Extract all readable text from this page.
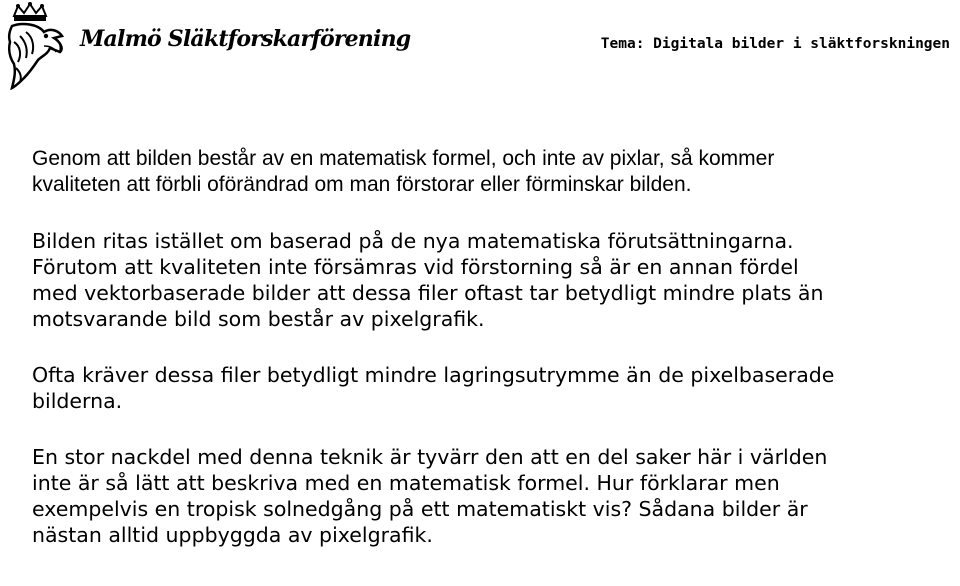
Malmö Släktforskarförening	Tema: Digitala bilder i släktforskningen

Genom att bilden består av en matematisk formel, och inte av pixlar, så kommer
kvaliteten att förbli oförändrad om man förstorar eller förminskar bilden.

Bilden ritas istället om baserad på de nya matematiska förutsättningarna.
Förutom att kvaliteten inte försämras vid förstorning så är en annan fördel
med vektorbaserade bilder att dessa filer oftast tar betydligt mindre plats än
motsvarande bild som består av pixelgrafik.

Ofta kräver dessa filer betydligt mindre lagringsutrymme än de pixelbaserade
bilderna.

En stor nackdel med denna teknik är tyvärr den att en del saker här i världen
inte är så lätt att beskriva med en matematisk formel. Hur förklarar men
exempelvis en tropisk solnedgång på ett matematiskt vis? Sådana bilder är
nästan alltid uppbyggda av pixelgrafik.
